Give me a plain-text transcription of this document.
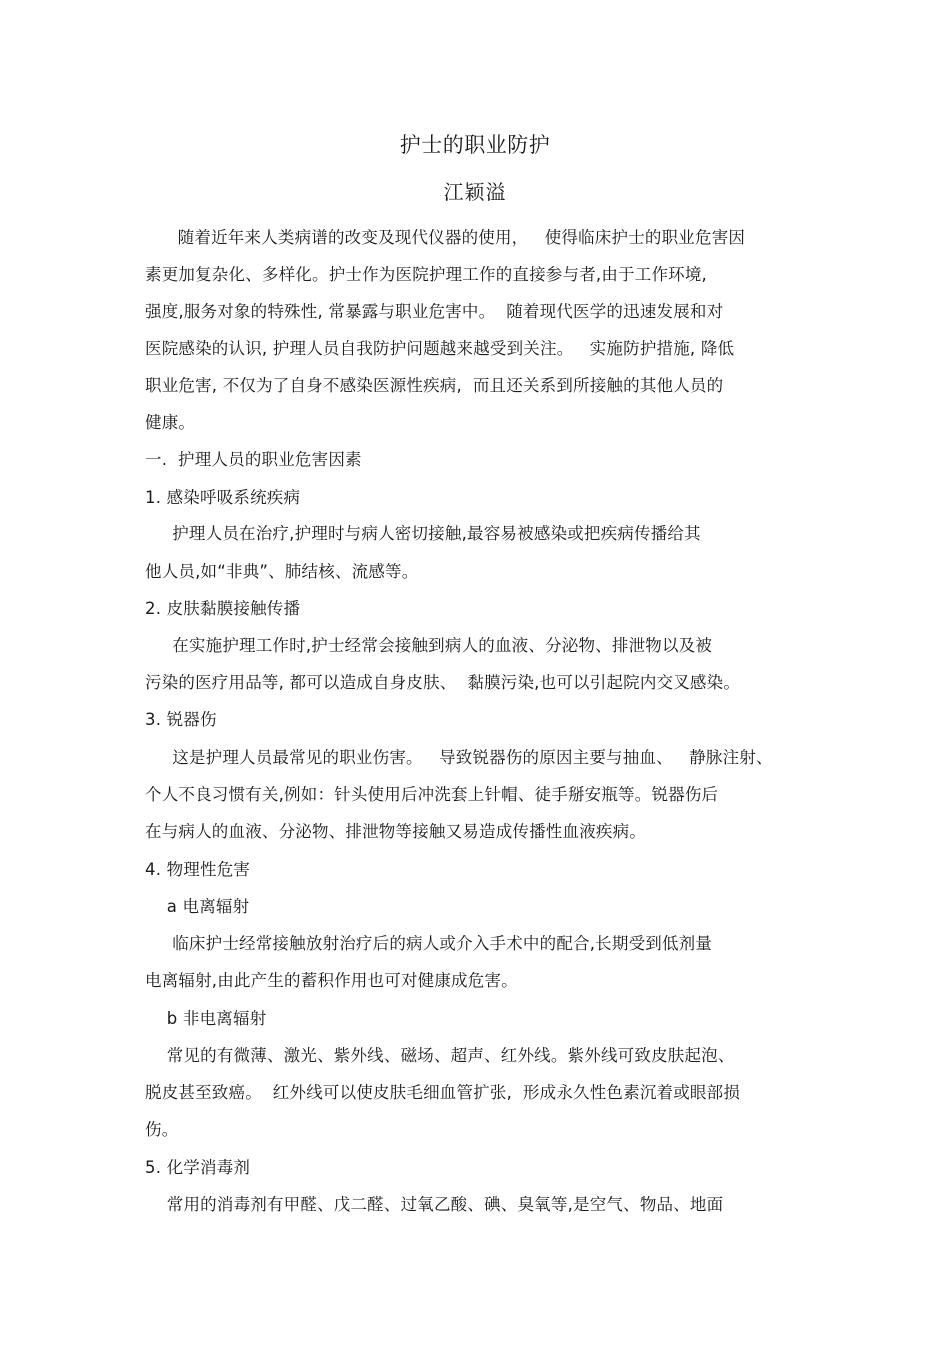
护士的职业防护
江颖溢
随着近年来人类病谱的改变及现代仪器的使用，   使得临床护士的职业危害因
素更加复杂化、多样化。护士作为医院护理工作的直接参与者,由于工作环境,
强度,服务对象的特殊性, 常暴露与职业危害中。  随着现代医学的迅速发展和对
医院感染的认识, 护理人员自我防护问题越来越受到关注。   实施防护措施, 降低
职业危害, 不仅为了自身不感染医源性疾病,  而且还关系到所接触的其他人员的
健康。
一.  护理人员的职业危害因素
1. 感染呼吸系统疾病
护理人员在治疗,护理时与病人密切接触,最容易被感染或把疾病传播给其
他人员,如“非典”、肺结核、流感等。
2. 皮肤黏膜接触传播
在实施护理工作时,护士经常会接触到病人的血液、分泌物、排泄物以及被
污染的医疗用品等, 都可以造成自身皮肤、  黏膜污染,也可以引起院内交叉感染。
3. 锐器伤
这是护理人员最常见的职业伤害。   导致锐器伤的原因主要与抽血、   静脉注射、
个人不良习惯有关,例如：针头使用后冲洗套上针帽、徒手掰安瓶等。锐器伤后
在与病人的血液、分泌物、排泄物等接触又易造成传播性血液疾病。
4. 物理性危害
a 电离辐射
临床护士经常接触放射治疗后的病人或介入手术中的配合,长期受到低剂量
电离辐射,由此产生的蓄积作用也可对健康成危害。
b 非电离辐射
常见的有微薄、激光、紫外线、磁场、超声、红外线。紫外线可致皮肤起泡、
脱皮甚至致癌。  红外线可以使皮肤毛细血管扩张,  形成永久性色素沉着或眼部损
伤。
5. 化学消毒剂
常用的消毒剂有甲醛、戊二醛、过氧乙酸、碘、臭氧等,是空气、物品、地面
